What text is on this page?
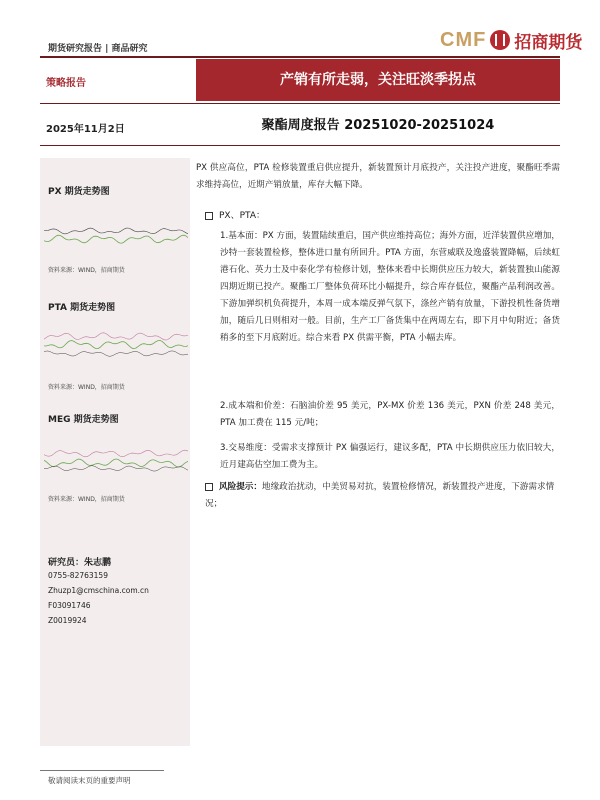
期货研究报告 | 商品研究	CMF 招商期货
产销有所走弱，关注旺淡季拐点
策略报告
2025年11月2日	聚酯周度报告 20251020-20251024
PX 期货走势图
资料来源：WIND，招商期货
PTA 期货走势图
资料来源：WIND，招商期货
MEG 期货走势图
资料来源：WIND，招商期货
研究员：朱志鹏
0755-82763159
Zhuzp1@cmschina.com.cn
F03091746
Z0019924
PX 供应高位，PTA 检修装置重启供应提升，新装置预计月底投产，关注投产进度，聚酯旺季需求维持高位，近期产销放量，库存大幅下降。
PX、PTA：
1.基本面：PX 方面，装置陆续重启，国产供应维持高位；海外方面，近洋装置供应增加，沙特一套装置检修，整体进口量有所回升。PTA 方面，东营威联及逸盛装置降幅，后续虹港石化、英力士及中泰化学有检修计划，整体来看中长期供应压力较大，新装置独山能源四期近期已投产。聚酯工厂整体负荷环比小幅提升，综合库存低位，聚酯产品利润改善。下游加弹织机负荷提升，本周一成本端反弹气氛下，涤丝产销有放量，下游投机性备货增加，随后几日则相对一般。目前，生产工厂备货集中在两周左右，即下月中旬附近；备货稍多的至下月底附近。综合来看 PX 供需平衡，PTA 小幅去库。
2.成本端和价差：石脑油价差 95 美元，PX-MX 价差 136 美元，PXN 价差 248 美元，PTA 加工费在 115 元/吨；
3.交易维度：受需求支撑预计 PX 偏强运行，建议多配，PTA 中长期供应压力依旧较大，近月建高估空加工费为主。
风险提示：地缘政治扰动，中美贸易对抗，装置检修情况，新装置投产进度，下游需求情况；
敬请阅读末页的重要声明
